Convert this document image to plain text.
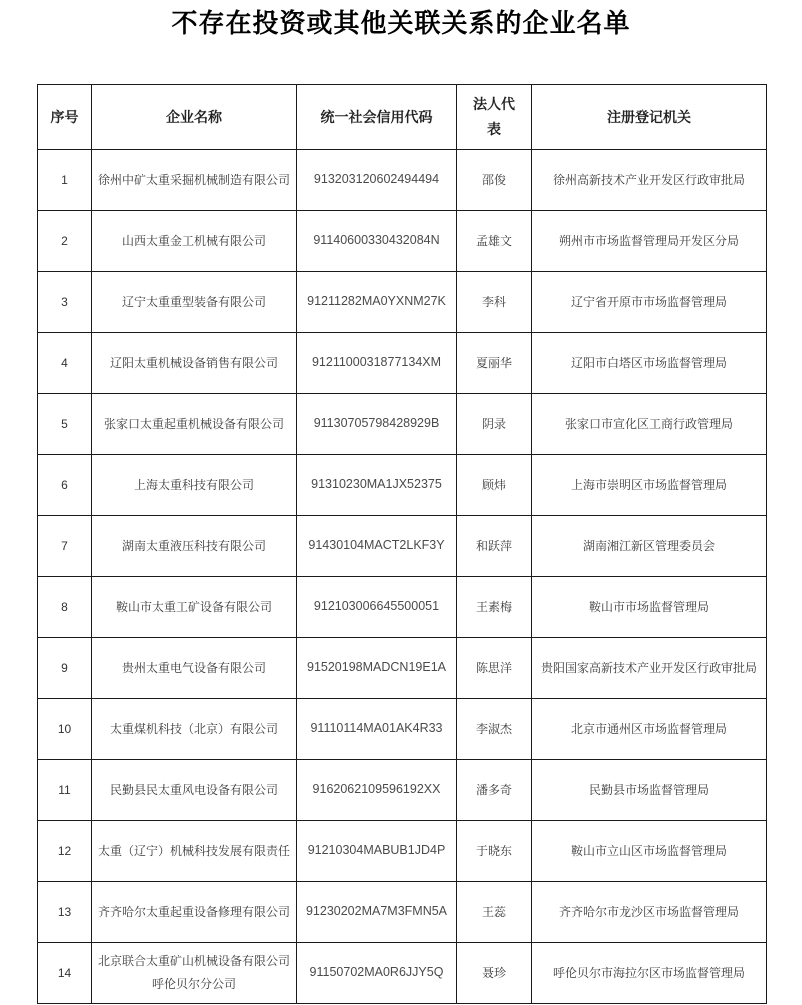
不存在投资或其他关联关系的企业名单
序号	企业名称	统一社会信用代码	法人代表	注册登记机关
1	徐州中矿太重采掘机械制造有限公司	913203120602494494	邵俊	徐州高新技术产业开发区行政审批局
2	山西太重金工机械有限公司	91140600330432084N	孟雄文	朔州市市场监督管理局开发区分局
3	辽宁太重重型装备有限公司	91211282MA0YXNM27K	李科	辽宁省开原市市场监督管理局
4	辽阳太重机械设备销售有限公司	9121100031877134XM	夏丽华	辽阳市白塔区市场监督管理局
5	张家口太重起重机械设备有限公司	91130705798428929B	阴录	张家口市宣化区工商行政管理局
6	上海太重科技有限公司	91310230MA1JX52375	顾炜	上海市崇明区市场监督管理局
7	湖南太重液压科技有限公司	91430104MACT2LKF3Y	和跃萍	湖南湘江新区管理委员会
8	鞍山市太重工矿设备有限公司	912103006645500051	王素梅	鞍山市市场监督管理局
9	贵州太重电气设备有限公司	91520198MADCN19E1A	陈思洋	贵阳国家高新技术产业开发区行政审批局
10	太重煤机科技（北京）有限公司	91110114MA01AK4R33	李淑杰	北京市通州区市场监督管理局
11	民勤县民太重风电设备有限公司	9162062109596192XX	潘多奇	民勤县市场监督管理局
12	太重（辽宁）机械科技发展有限责任	91210304MABUB1JD4P	于晓东	鞍山市立山区市场监督管理局
13	齐齐哈尔太重起重设备修理有限公司	91230202MA7M3FMN5A	王蕊	齐齐哈尔市龙沙区市场监督管理局
14	北京联合太重矿山机械设备有限公司呼伦贝尔分公司	91150702MA0R6JJY5Q	聂珍	呼伦贝尔市海拉尔区市场监督管理局
